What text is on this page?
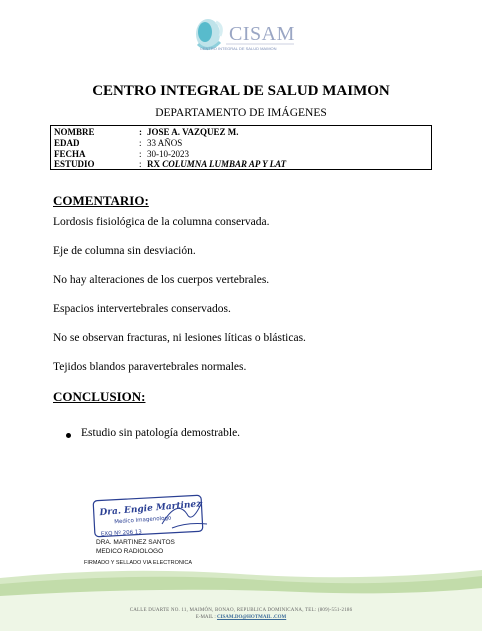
CISAM
CENTRO INTEGRAL DE SALUD MAIMON
CENTRO INTEGRAL DE SALUD MAIMON
DEPARTAMENTO DE IMÁGENES
NOMBRE	: JOSE A. VAZQUEZ M.
EDAD	: 33 AÑOS
FECHA	: 30-10-2023
ESTUDIO	: RX COLUMNA LUMBAR AP Y LAT
COMENTARIO:
Lordosis fisiológica de la columna conservada.
Eje de columna sin desviación.
No hay alteraciones de los cuerpos vertebrales.
Espacios intervertebrales conservados.
No se observan fracturas, ni lesiones líticas o blásticas.
Tejidos blandos paravertebrales normales.
CONCLUSION:
Estudio sin patología demostrable.
Dra. Engie Martinez
Medico Imagenologo
EXQ Nº 206 13
DRA. MARTINEZ SANTOS
MEDICO RADIOLOGO
FIRMADO Y SELLADO VIA ELECTRONICA
CALLE DUARTE NO. 11, MAIMÓN, BONAO, REPUBLICA DOMINICANA, TEL: (809)-551-2186
E-MAIL : CISAM.DO@HOTMAIL .COM
